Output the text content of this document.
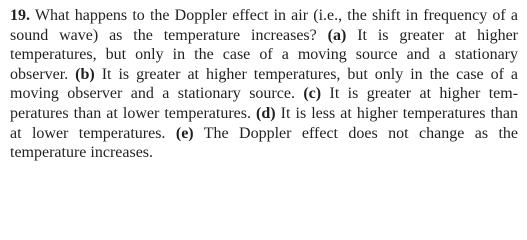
19. What happens to the Doppler effect in air (i.e., the shift in frequency of a sound wave) as the temperature increases? (a) It is greater at higher temperatures, but only in the case of a moving source and a stationary observer. (b) It is greater at higher temperatures, but only in the case of a moving observer and a stationary source. (c) It is greater at higher temperatures than at lower temperatures. (d) It is less at higher temperatures than at lower temperatures. (e) The Doppler effect does not change as the temperature increases.
